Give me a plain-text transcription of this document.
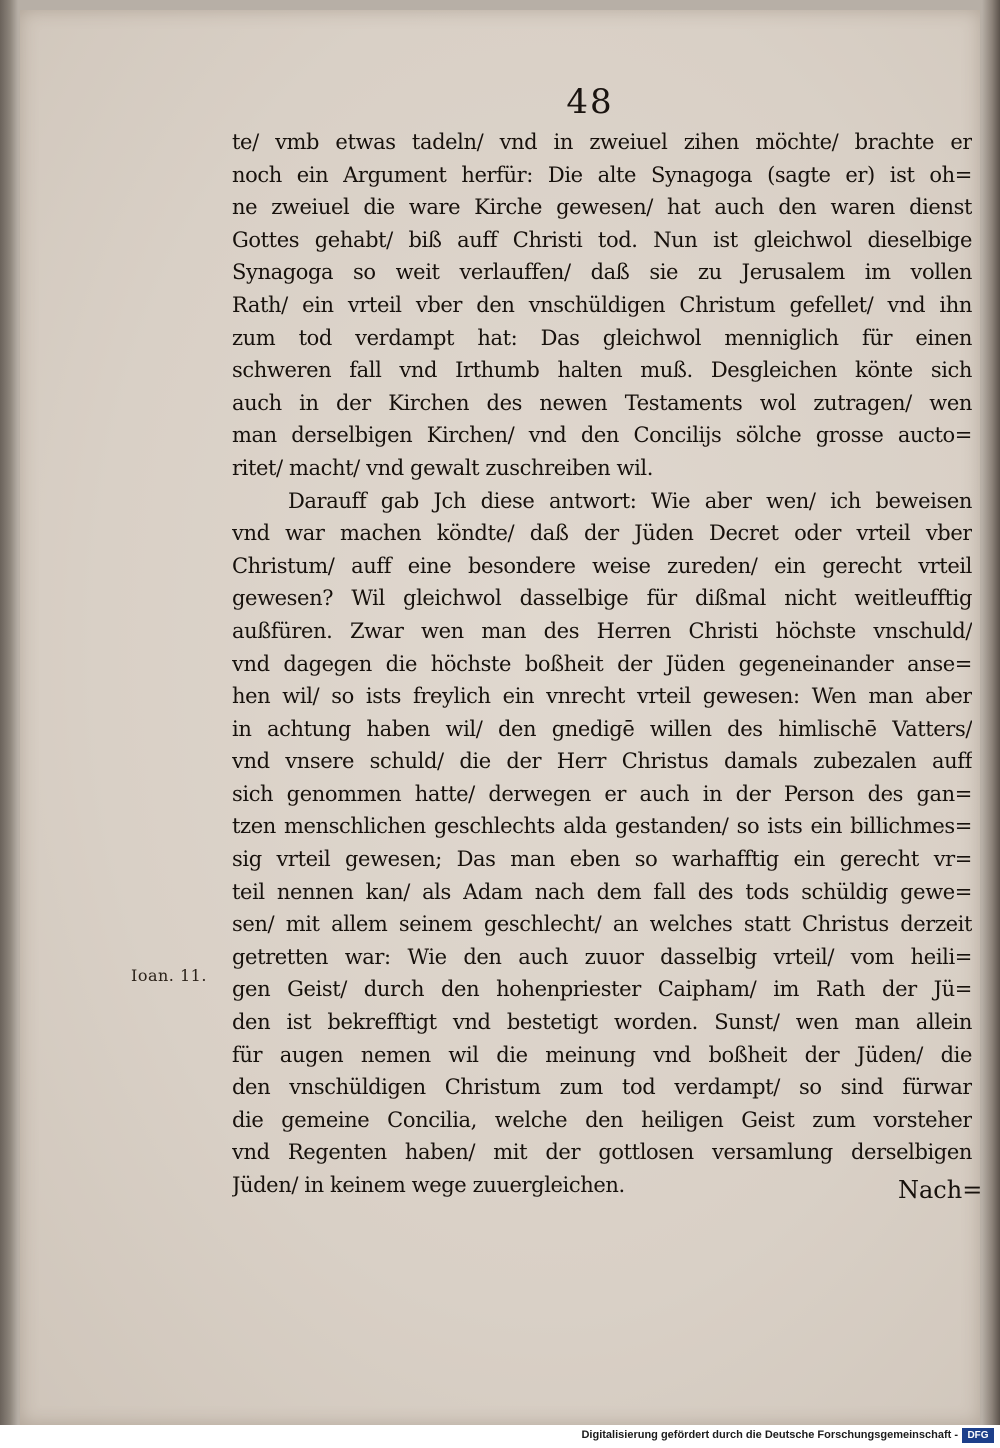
48
te/ vmb etwas tadeln/ vnd in zweiuel zihen möchte/ brachte er
noch ein Argument herfür: Die alte Synagoga (sagte er) ist oh=
ne zweiuel die ware Kirche gewesen/ hat auch den waren dienst
Gottes gehabt/ biß auff Christi tod. Nun ist gleichwol dieselbige
Synagoga so weit verlauffen/ daß sie zu Jerusalem im vollen
Rath/ ein vrteil vber den vnschüldigen Christum gefellet/ vnd ihn
zum tod verdampt hat: Das gleichwol menniglich für einen
schweren fall vnd Irthumb halten muß. Desgleichen könte sich
auch in der Kirchen des newen Testaments wol zutragen/ wen
man derselbigen Kirchen/ vnd den Concilijs sölche grosse aucto=
ritet/ macht/ vnd gewalt zuschreiben wil.
Darauff gab Jch diese antwort: Wie aber wen/ ich beweisen
vnd war machen köndte/ daß der Jüden Decret oder vrteil vber
Christum/ auff eine besondere weise zureden/ ein gerecht vrteil
gewesen? Wil gleichwol dasselbige für dißmal nicht weitleufftig
außfüren. Zwar wen man des Herren Christi höchste vnschuld/
vnd dagegen die höchste boßheit der Jüden gegeneinander anse=
hen wil/ so ists freylich ein vnrecht vrteil gewesen: Wen man aber
in achtung haben wil/ den gnedigē willen des himlischē Vatters/
vnd vnsere schuld/ die der Herr Christus damals zubezalen auff
sich genommen hatte/ derwegen er auch in der Person des gan=
tzen menschlichen geschlechts alda gestanden/ so ists ein billichmes=
sig vrteil gewesen; Das man eben so warhafftig ein gerecht vr=
teil nennen kan/ als Adam nach dem fall des tods schüldig gewe=
sen/ mit allem seinem geschlecht/ an welches statt Christus derzeit
getretten war: Wie den auch zuuor dasselbig vrteil/ vom heili=
gen Geist/ durch den hohenpriester Caipham/ im Rath der Jü=
den ist bekrefftigt vnd bestetigt worden. Sunst/ wen man allein
für augen nemen wil die meinung vnd boßheit der Jüden/ die
den vnschüldigen Christum zum tod verdampt/ so sind fürwar
die gemeine Concilia, welche den heiligen Geist zum vorsteher
vnd Regenten haben/ mit der gottlosen versamlung derselbigen
Jüden/ in keinem wege zuuergleichen.
Ioan. 11.
Nach=
Digitalisierung gefördert durch die Deutsche Forschungsgemeinschaft - DFG
